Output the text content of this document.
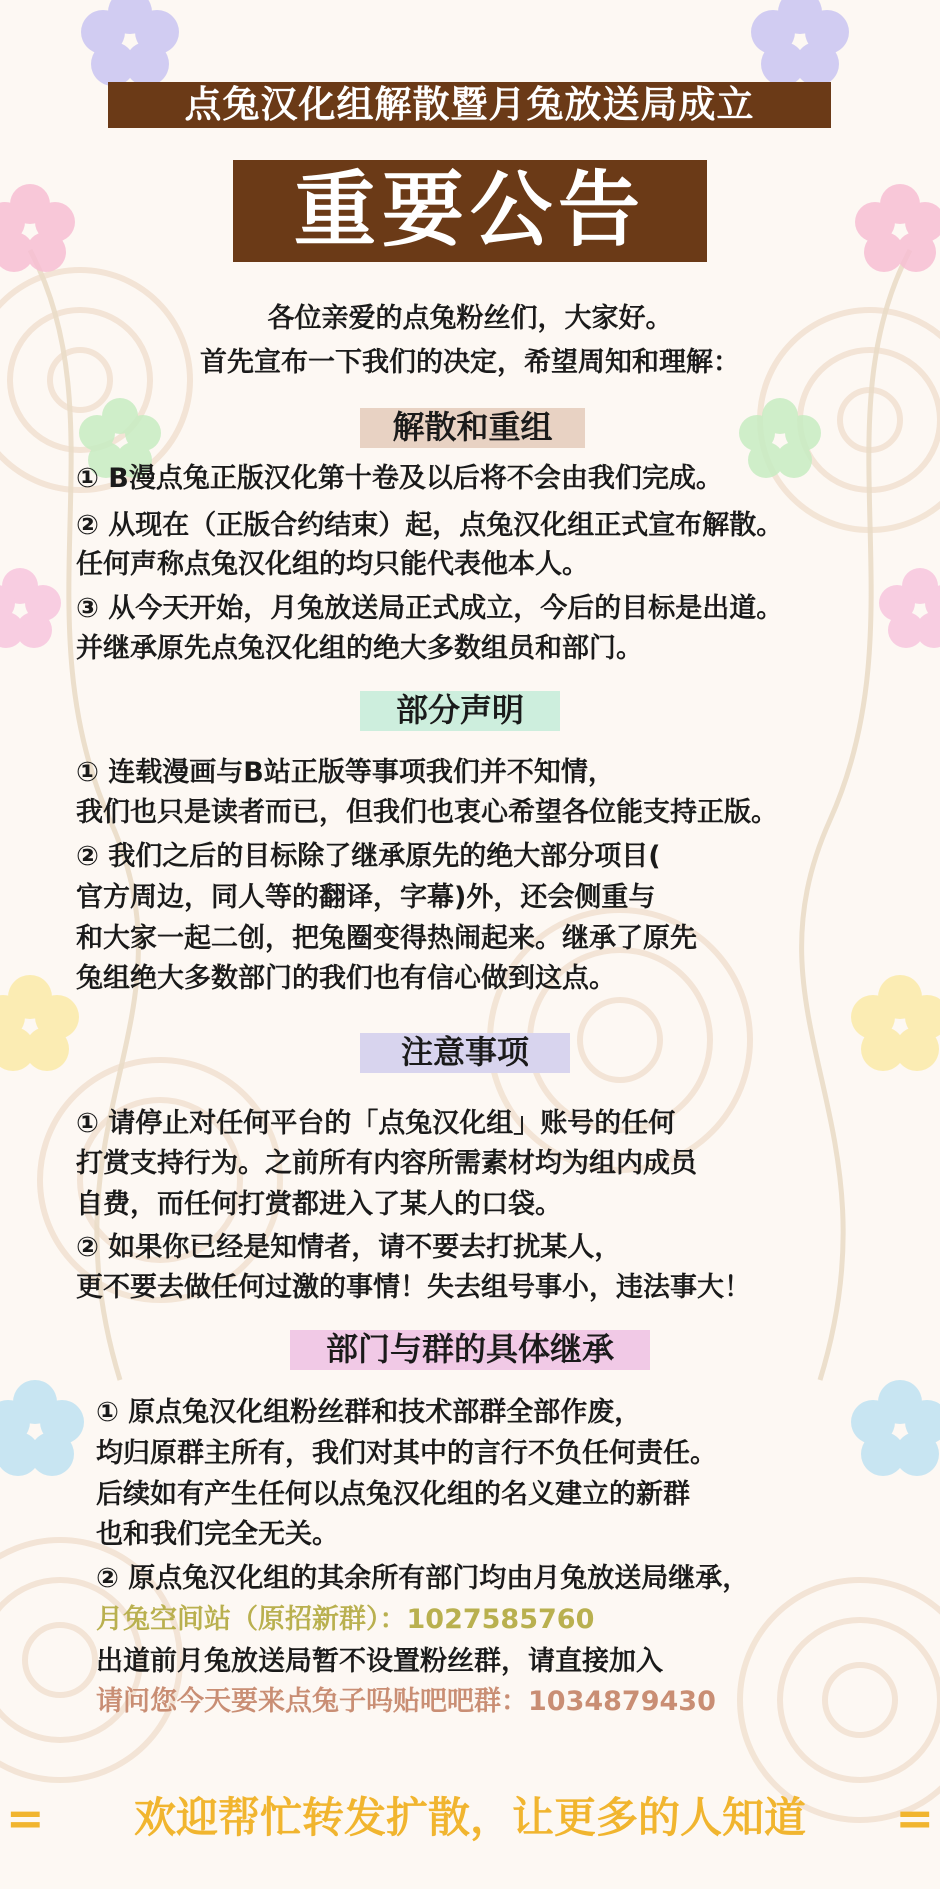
点兔汉化组解散暨月兔放送局成立
重要公告
各位亲爱的点兔粉丝们，大家好。
首先宣布一下我们的决定，希望周知和理解：
解散和重组
① B漫点兔正版汉化第十卷及以后将不会由我们完成。
② 从现在（正版合约结束）起，点兔汉化组正式宣布解散。
任何声称点兔汉化组的均只能代表他本人。
③ 从今天开始，月兔放送局正式成立，今后的目标是出道。
并继承原先点兔汉化组的绝大多数组员和部门。
部分声明
① 连载漫画与B站正版等事项我们并不知情，
我们也只是读者而已，但我们也衷心希望各位能支持正版。
② 我们之后的目标除了继承原先的绝大部分项目(
官方周边，同人等的翻译，字幕)外，还会侧重与
和大家一起二创，把兔圈变得热闹起来。继承了原先
兔组绝大多数部门的我们也有信心做到这点。
注意事项
① 请停止对任何平台的「点兔汉化组」账号的任何
打赏支持行为。之前所有内容所需素材均为组内成员
自费，而任何打赏都进入了某人的口袋。
② 如果你已经是知情者，请不要去打扰某人，
更不要去做任何过激的事情！失去组号事小，违法事大！
部门与群的具体继承
① 原点兔汉化组粉丝群和技术部群全部作废，
均归原群主所有，我们对其中的言行不负任何责任。
后续如有产生任何以点兔汉化组的名义建立的新群
也和我们完全无关。
② 原点兔汉化组的其余所有部门均由月兔放送局继承，
月兔空间站（原招新群）：1027585760
出道前月兔放送局暂不设置粉丝群，请直接加入
请问您今天要来点兔子吗贴吧吧群：1034879430
=	欢迎帮忙转发扩散，让更多的人知道	=
